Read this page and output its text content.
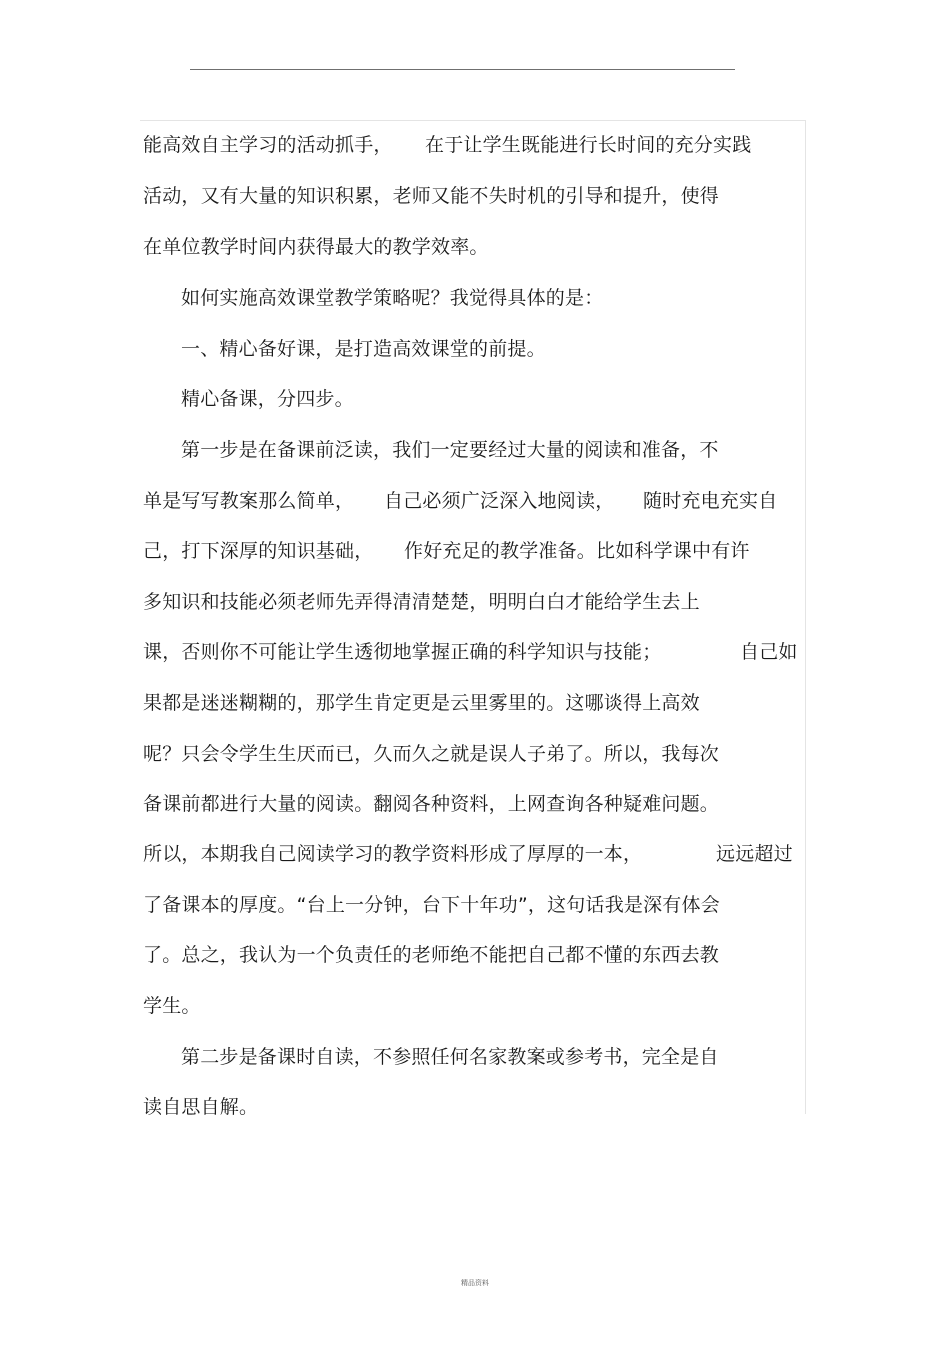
能高效自主学习的活动抓手，

在于让学生既能进行长时间的充分实践

活动，又有大量的知识积累，老师又能不失时机的引导和提升，使得

在单位教学时间内获得最大的教学效率。

如何实施高效课堂教学策略呢？我觉得具体的是：

一、精心备好课，是打造高效课堂的前提。

精心备课，分四步。

第一步是在备课前泛读，我们一定要经过大量的阅读和准备，不

单是写写教案那么简单，

自己必须广泛深入地阅读，

随时充电充实自

己，打下深厚的知识基础，

作好充足的教学准备。比如科学课中有许

多知识和技能必须老师先弄得清清楚楚，明明白白才能给学生去上

课，否则你不可能让学生透彻地掌握正确的科学知识与技能；

	自己如

果都是迷迷糊糊的，那学生肯定更是云里雾里的。这哪谈得上高效

呢？只会令学生生厌而已，久而久之就是误人子弟了。所以，我每次

备课前都进行大量的阅读。翻阅各种资料，上网查询各种疑难问题。

所以，本期我自己阅读学习的教学资料形成了厚厚的一本，

	远远超过

了备课本的厚度。“台上一分钟，台下十年功”，这句话我是深有体会

了。总之，我认为一个负责任的老师绝不能把自己都不懂的东西去教

学生。

第二步是备课时自读，不参照任何名家教案或参考书，完全是自

读自思自解。

精品资料
